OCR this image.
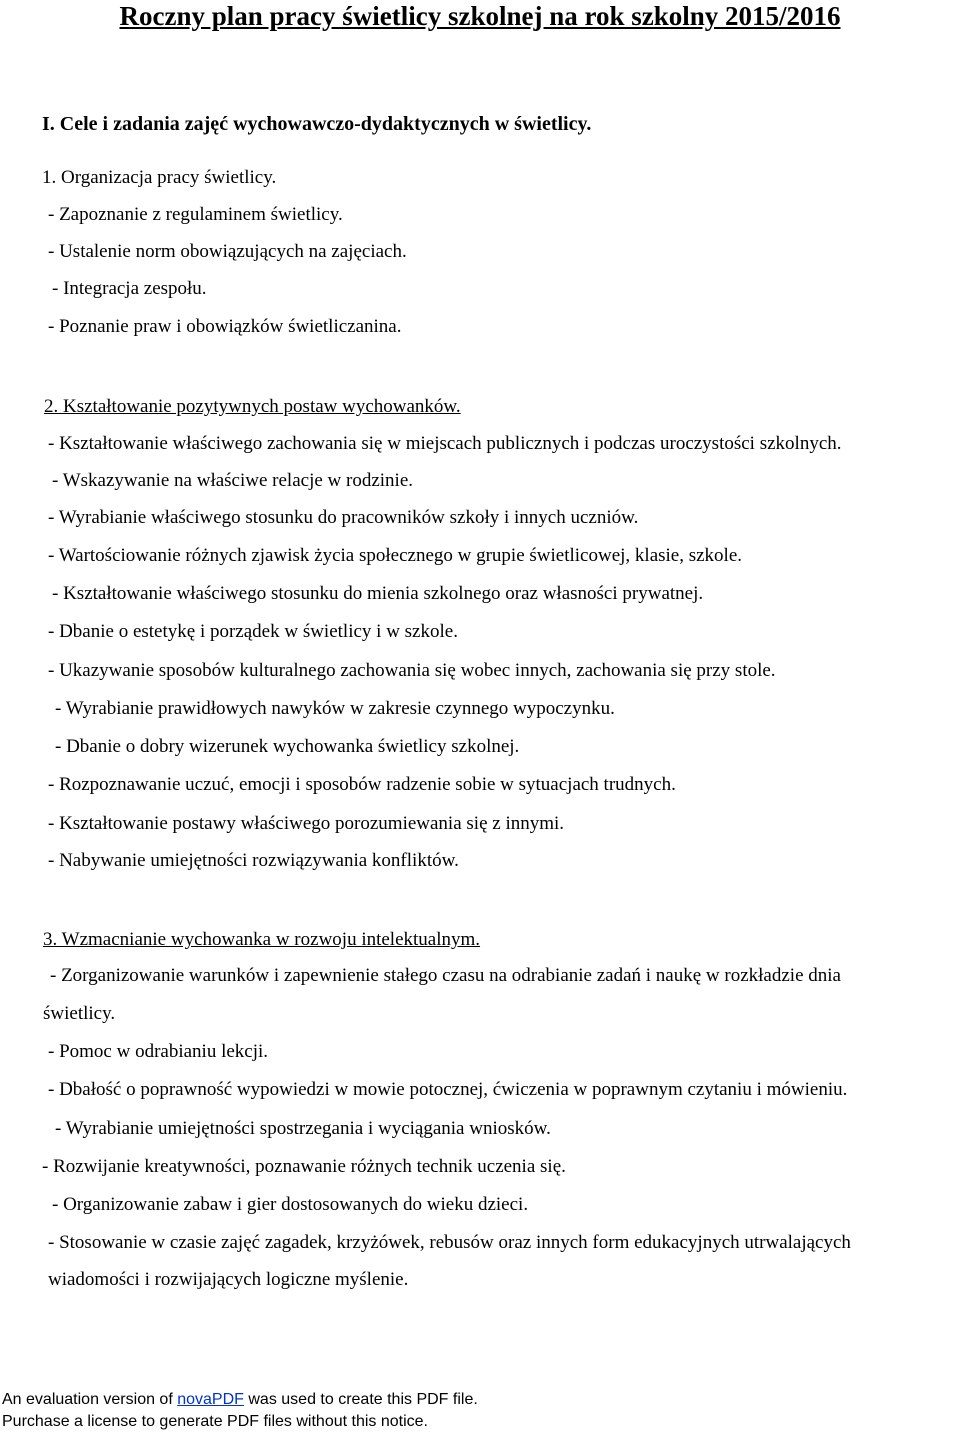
Roczny plan pracy świetlicy szkolnej na rok szkolny 2015/2016
I. Cele i zadania zajęć wychowawczo-dydaktycznych w świetlicy.
1. Organizacja pracy świetlicy.
- Zapoznanie z regulaminem świetlicy.
- Ustalenie norm obowiązujących na zajęciach.
- Integracja zespołu.
- Poznanie praw i obowiązków świetliczanina.
2. Kształtowanie pozytywnych postaw wychowanków.
- Kształtowanie właściwego zachowania się w miejscach publicznych i podczas uroczystości szkolnych.
- Wskazywanie na właściwe relacje w rodzinie.
- Wyrabianie właściwego stosunku do pracowników szkoły i innych uczniów.
- Wartościowanie różnych zjawisk życia społecznego w grupie świetlicowej, klasie, szkole.
- Kształtowanie właściwego stosunku do mienia szkolnego oraz własności prywatnej.
- Dbanie o estetykę i porządek w świetlicy i w szkole.
- Ukazywanie sposobów kulturalnego zachowania się wobec innych, zachowania się przy stole.
- Wyrabianie prawidłowych nawyków w zakresie czynnego wypoczynku.
- Dbanie o dobry wizerunek wychowanka świetlicy szkolnej.
- Rozpoznawanie uczuć, emocji i sposobów radzenie sobie w sytuacjach trudnych.
- Kształtowanie postawy właściwego porozumiewania się z innymi.
- Nabywanie umiejętności rozwiązywania konfliktów.
3. Wzmacnianie wychowanka w rozwoju intelektualnym.
- Zorganizowanie warunków i zapewnienie stałego czasu na odrabianie zadań i naukę w rozkładzie dnia
świetlicy.
- Pomoc w odrabianiu lekcji.
- Dbałość o poprawność wypowiedzi w mowie potocznej, ćwiczenia w poprawnym czytaniu i mówieniu.
- Wyrabianie umiejętności spostrzegania i wyciągania wniosków.
- Rozwijanie kreatywności, poznawanie różnych technik uczenia się.
- Organizowanie zabaw i gier dostosowanych do wieku dzieci.
- Stosowanie w czasie zajęć zagadek, krzyżówek, rebusów oraz innych form edukacyjnych utrwalających
wiadomości i rozwijających logiczne myślenie.
An evaluation version of novaPDF was used to create this PDF file.
Purchase a license to generate PDF files without this notice.
